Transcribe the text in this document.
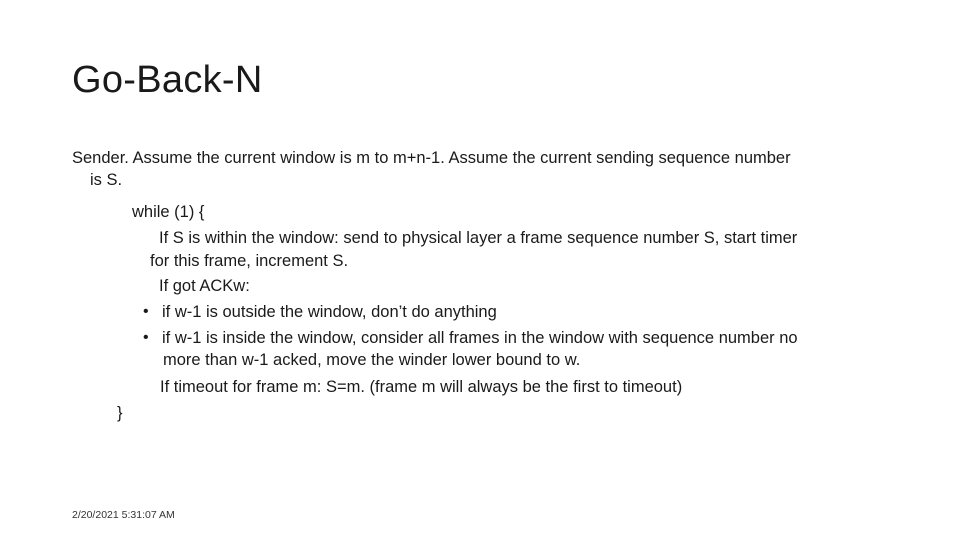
Go-Back-N

Sender. Assume the current window is m to m+n-1. Assume the current sending sequence number

is S.

while (1) {

If S is within the window: send to physical layer a frame sequence number S, start timer

for this frame, increment S.

If got ACKw:

• if w-1 is outside the window, don’t do anything

• if w-1 is inside the window, consider all frames in the window with sequence number no

more than w-1 acked, move the winder lower bound to w.

If timeout for frame m: S=m. (frame m will always be the first to timeout)

}

2/20/2021 5:31:07 AM
